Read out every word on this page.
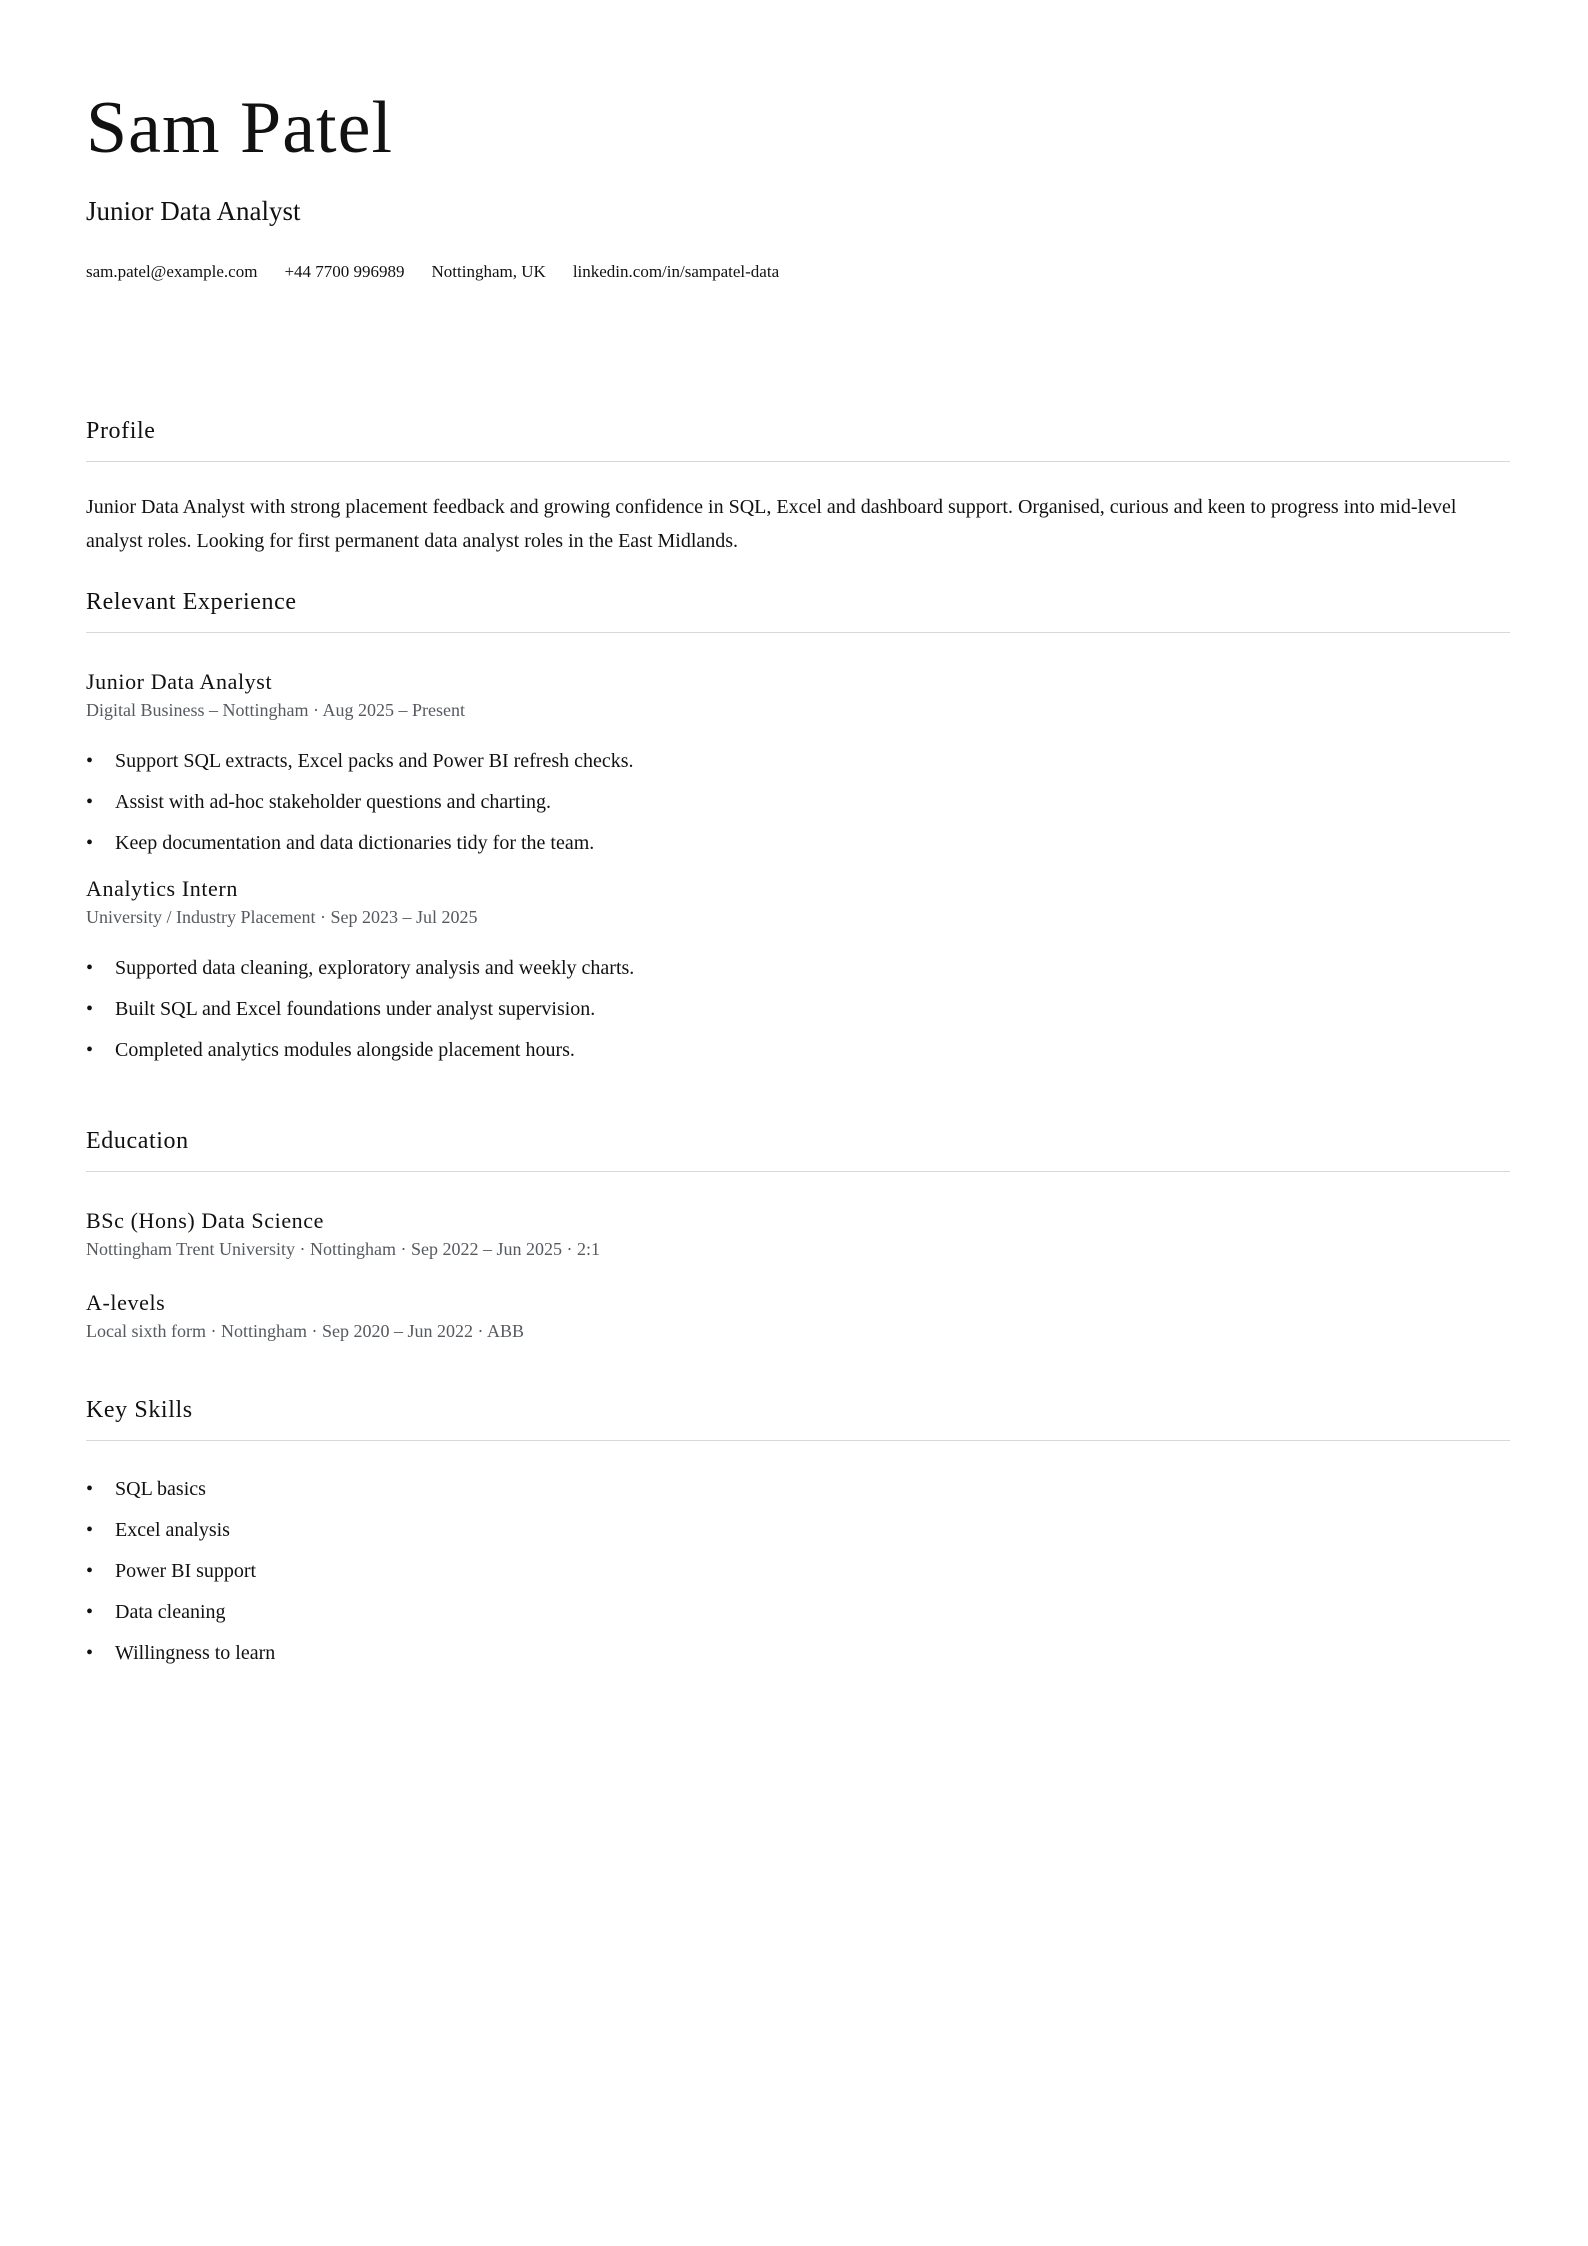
Sam Patel
Junior Data Analyst
sam.patel@example.com +44 7700 996989 Nottingham, UK linkedin.com/in/sampatel-data
Profile

Junior Data Analyst with strong placement feedback and growing confidence in SQL, Excel and dashboard support. Organised, curious and keen to progress into mid-level analyst roles. Looking for first permanent data analyst roles in the East Midlands.

Relevant Experience
Junior Data Analyst

Digital Business – Nottingham · Aug 2025 – Present

• Support SQL extracts, Excel packs and Power BI refresh checks.
• Assist with ad-hoc stakeholder questions and charting.
• Keep documentation and data dictionaries tidy for the team.
Analytics Intern

University / Industry Placement · Sep 2023 – Jul 2025

• Supported data cleaning, exploratory analysis and weekly charts.
• Built SQL and Excel foundations under analyst supervision.
• Completed analytics modules alongside placement hours.
Education
BSc (Hons) Data Science

Nottingham Trent University · Nottingham · Sep 2022 – Jun 2025 · 2:1

A-levels

Local sixth form · Nottingham · Sep 2020 – Jun 2022 · ABB

Key Skills
• SQL basics
• Excel analysis
• Power BI support
• Data cleaning
• Willingness to learn
